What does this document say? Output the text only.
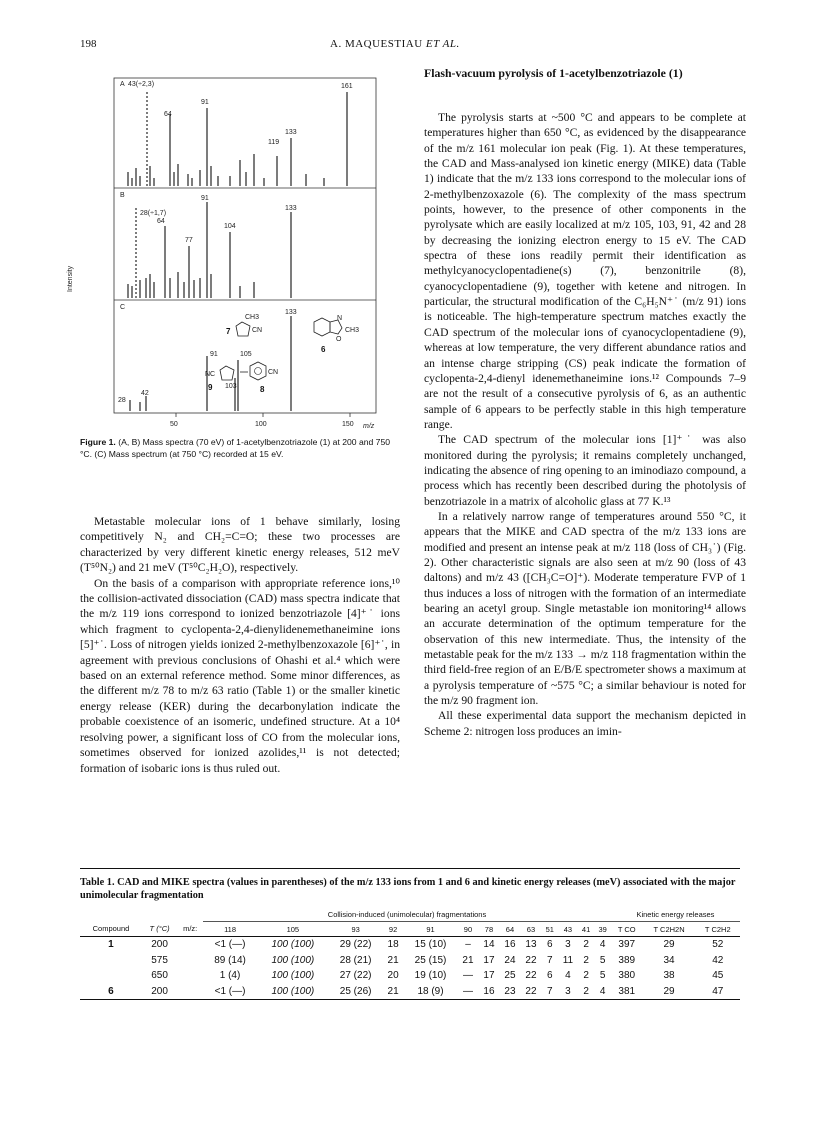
198	A. MAQUESTIAU ET AL.
Intensity
A
B
C
43(÷2,3)
64
91
119
133
161
28(÷1,7)
64
77
91
104
133
28
42
91
103
105
133
CH3
CN
7
N
O
CH3
6
NC
9
CN
8
50	100	150 m/z
Figure 1. (A, B) Mass spectra (70 eV) of 1-acetylbenzotriazole (1) at 200 and 750 °C. (C) Mass spectrum (at 750 °C) recorded at 15 eV.

Metastable molecular ions of 1 behave similarly, losing competitively N₂ and CH₂=C=O; these two processes are characterized by very different kinetic energy releases, 512 meV (T⁵⁰N₂) and 21 meV (T⁵⁰C₂H₂O), respectively.

On the basis of a comparison with appropriate reference ions,¹⁰ the collision-activated dissociation (CAD) mass spectra indicate that the m/z 119 ions correspond to ionized benzotriazole [4]⁺˙ ions which fragment to cyclopenta-2,4-dienylidenemethaneimine ions [5]⁺˙. Loss of nitrogen yields ionized 2-methylbenzoxazole [6]⁺˙, in agreement with previous conclusions of Ohashi et al.⁴ which were based on an external reference method. Some minor differences, as the different m/z 78 to m/z 63 ratio (Table 1) or the smaller kinetic energy release (KER) during the decarbonylation indicate the probable coexistence of an isomeric, undefined structure. At a 10⁴ resolving power, a significant loss of CO from the molecular ions, sometimes observed for ionized azolides,¹¹ is not detected; formation of isobaric ions is thus ruled out.

Flash-vacuum pyrolysis of 1-acetylbenzotriazole (1)

The pyrolysis starts at ~500 °C and appears to be complete at temperatures higher than 650 °C, as evidenced by the disappearance of the m/z 161 molecular ion peak (Fig. 1). At these temperatures, the CAD and Mass-analysed ion kinetic energy (MIKE) data (Table 1) indicate that the m/z 133 ions correspond to the molecular ions of 2-methylbenzoxazole (6). The complexity of the mass spectrum points, however, to the presence of other components in the pyrolysate which are easily localized at m/z 105, 103, 91, 42 and 28 by decreasing the ionizing electron energy to 15 eV. The CAD spectra of these ions readily permit their identification as methylcyanocyclopentadiene(s) (7), benzonitrile (8), cyanocyclopentadiene (9), together with ketene and nitrogen. In particular, the structural modification of the C₆H₅N⁺˙ (m/z 91) ions is noticeable. The high-temperature spectrum matches exactly the CAD spectrum of the molecular ions of cyanocyclopentadiene (9), whereas at low temperature, the very different abundance ratios and an intense charge stripping (CS) peak indicate the formation of cyclopenta-2,4-dienyl idenemethaneimine ions.¹² Compounds 7–9 are not the result of a consecutive pyrolysis of 6, as an authentic sample of 6 appears to be perfectly stable in this high temperature range.

The CAD spectrum of the molecular ions [1]⁺˙ was also monitored during the pyrolysis; it remains completely unchanged, indicating the absence of ring opening to an iminodiazo compound, a process which has recently been described during the photolysis of benzotriazole in a matrix of alcoholic glass at 77 K.¹³

In a relatively narrow range of temperatures around 550 °C, it appears that the MIKE and CAD spectra of the m/z 133 ions are modified and present an intense peak at m/z 118 (loss of CH₃˙) (Fig. 2). Other characteristic signals are also seen at m/z 90 (loss of 43 daltons) and m/z 43 ([CH₃C=O]⁺). Moderate temperature FVP of 1 thus induces a loss of nitrogen with the formation of an intermediate bearing an acetyl group. Single metastable ion monitoring¹⁴ allows an accurate determination of the optimum temperature for the observation of this new intermediate. Thus, the intensity of the metastable peak for the m/z 133 → m/z 118 fragmentation within the third field-free region of an E/B/E spectrometer shows a maximum at a pyrolysis temperature of ~575 °C; a similar behaviour is noted for the m/z 90 fragment ion.

All these experimental data support the mechanism depicted in Scheme 2: nitrogen loss produces an imin-

Table 1. CAD and MIKE spectra (values in parentheses) of the m/z 133 ions from 1 and 6 and kinetic energy releases (meV) associated with the major unimolecular fragmentation
			Collision-induced (unimolecular) fragmentations													Kinetic energy releases		
Compound	T (°C)	m/z:	118	105	93	92	91	90	78	64	63	51	43	41	39	T CO	T C2H2N	T C2H2
1	200		<1 (—)	100 (100)	29 (22)	18	15 (10)	–	14	16	13	6	3	2	4	397	29	52
	575		89 (14)	100 (100)	28 (21)	21	25 (15)	21	17	24	22	7	11	2	5	389	34	42
	650		1 (4)	100 (100)	27 (22)	20	19 (10)	—	17	25	22	6	4	2	5	380	38	45
6	200		<1 (—)	100 (100)	25 (26)	21	18 (9)	—	16	23	22	7	3	2	4	381	29	47
